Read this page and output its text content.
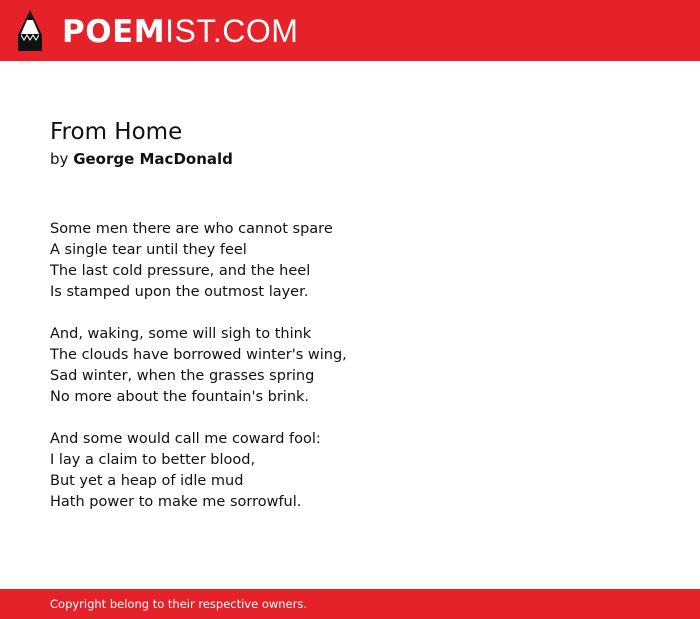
POEMIST.COM
From Home
by George MacDonald
Some men there are who cannot spare
A single tear until they feel
The last cold pressure, and the heel
Is stamped upon the outmost layer.
And, waking, some will sigh to think
The clouds have borrowed winter's wing,
Sad winter, when the grasses spring
No more about the fountain's brink.
And some would call me coward fool:
I lay a claim to better blood,
But yet a heap of idle mud
Hath power to make me sorrowful.
Copyright belong to their respective owners.
